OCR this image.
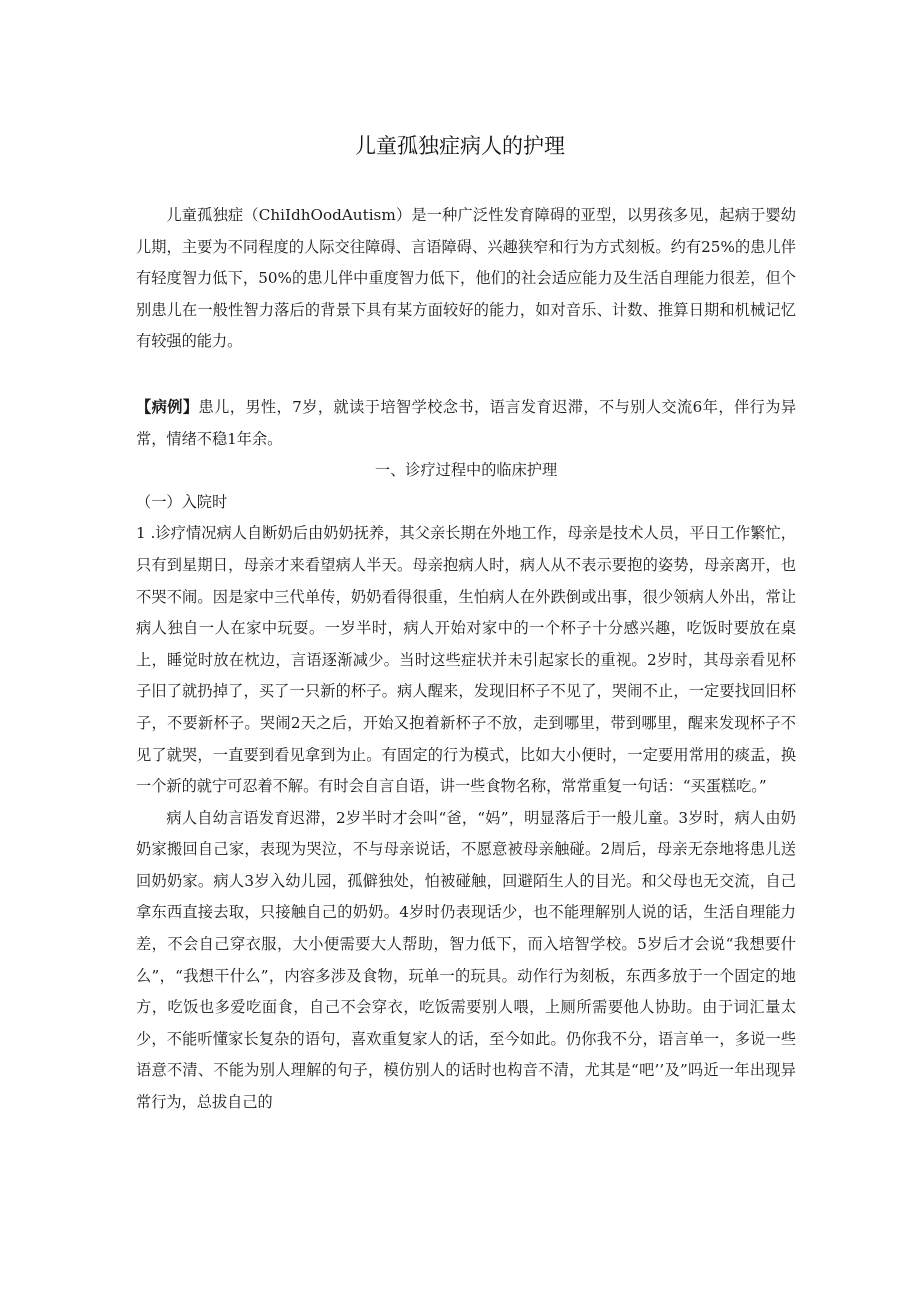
儿童孤独症病人的护理

儿童孤独症（ChiIdhOodAutism）是一种广泛性发育障碍的亚型，以男孩多见，起病于婴幼儿期，主要为不同程度的人际交往障碍、言语障碍、兴趣狭窄和行为方式刻板。约有25%的患儿伴有轻度智力低下，50%的患儿伴中重度智力低下，他们的社会适应能力及生活自理能力很差，但个别患儿在一般性智力落后的背景下具有某方面较好的能力，如对音乐、计数、推算日期和机械记忆有较强的能力。

【病例】患儿，男性，7岁，就读于培智学校念书，语言发育迟滞，不与别人交流6年，伴行为异常，情绪不稳1年余。

一、诊疗过程中的临床护理

（一）入院时

1 .诊疗情况病人自断奶后由奶奶抚养，其父亲长期在外地工作，母亲是技术人员，平日工作繁忙，只有到星期日，母亲才来看望病人半天。母亲抱病人时，病人从不表示要抱的姿势，母亲离开，也不哭不闹。因是家中三代单传，奶奶看得很重，生怕病人在外跌倒或出事，很少领病人外出，常让病人独自一人在家中玩耍。一岁半时，病人开始对家中的一个杯子十分感兴趣，吃饭时要放在桌上，睡觉时放在枕边，言语逐渐减少。当时这些症状并未引起家长的重视。2岁时，其母亲看见杯子旧了就扔掉了，买了一只新的杯子。病人醒来，发现旧杯子不见了，哭闹不止，一定要找回旧杯子，不要新杯子。哭闹2天之后，开始又抱着新杯子不放，走到哪里，带到哪里，醒来发现杯子不见了就哭，一直要到看见拿到为止。有固定的行为模式，比如大小便时，一定要用常用的痰盂，换一个新的就宁可忍着不解。有时会自言自语，讲一些食物名称，常常重复一句话：“买蛋糕吃。”

病人自幼言语发育迟滞，2岁半时才会叫“爸，“妈”，明显落后于一般儿童。3岁时，病人由奶奶家搬回自己家，表现为哭泣，不与母亲说话，不愿意被母亲触碰。2周后，母亲无奈地将患儿送回奶奶家。病人3岁入幼儿园，孤僻独处，怕被碰触，回避陌生人的目光。和父母也无交流，自己拿东西直接去取，只接触自己的奶奶。4岁时仍表现话少，也不能理解别人说的话，生活自理能力差，不会自己穿衣服，大小便需要大人帮助，智力低下，而入培智学校。5岁后才会说“我想要什么”，“我想干什么”，内容多涉及食物，玩单一的玩具。动作行为刻板，东西多放于一个固定的地方，吃饭也多爱吃面食，自己不会穿衣，吃饭需要别人喂，上厕所需要他人协助。由于词汇量太少，不能听懂家长复杂的语句，喜欢重复家人的话，至今如此。仍你我不分，语言单一，多说一些语意不清、不能为别人理解的句子，模仿别人的话时也构音不清，尤其是“吧’’及”吗近一年出现异常行为，总拔自己的
